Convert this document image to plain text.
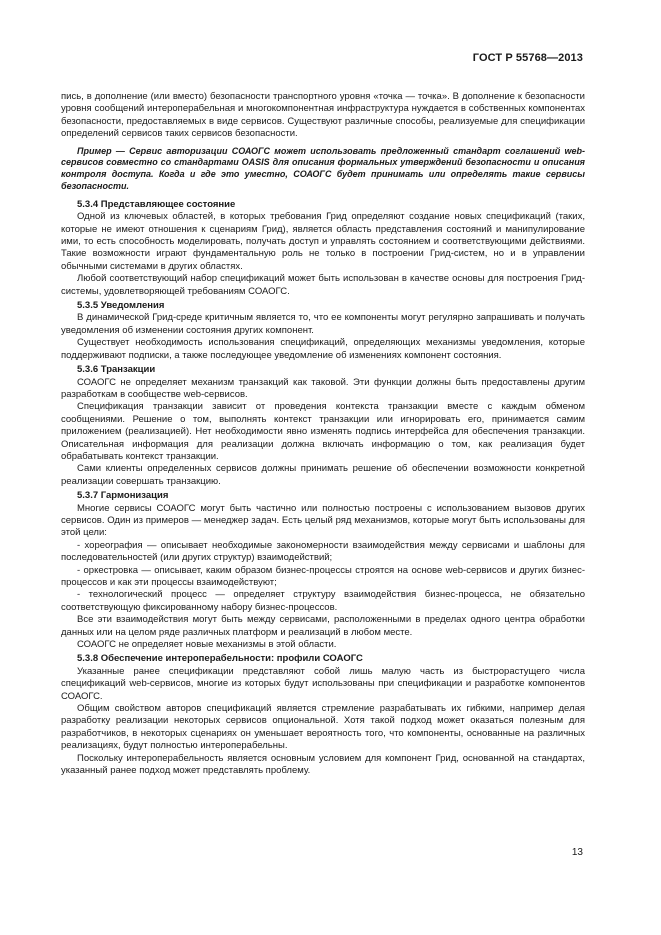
ГОСТ Р 55768—2013

пись, в дополнение (или вместо) безопасности транспортного уровня «точка — точка». В дополнение к безопасности уровня сообщений интероперабельная и многокомпонентная инфраструктура нуждается в собственных компонентах безопасности, предоставляемых в виде сервисов. Существуют различные способы, реализуемые для спецификации определений сервисов таких сервисов безопасности.

Пример — Сервис авторизации СОАОГС может использовать предложенный стандарт соглашений web-сервисов совместно со стандартами OASIS для описания формальных утверждений безопасности и описания контроля доступа. Когда и где это уместно, СОАОГС будет принимать или определять такие сервисы безопасности.

5.3.4 Представляющее состояние

Одной из ключевых областей, в которых требования Грид определяют создание новых спецификаций (таких, которые не имеют отношения к сценариям Грид), является область представления состояний и манипулирование ими, то есть способность моделировать, получать доступ и управлять состоянием и соответствующими действиями. Такие возможности играют фундаментальную роль не только в построении Грид-систем, но и в управлении обычными системами в других областях.

Любой соответствующий набор спецификаций может быть использован в качестве основы для построения Грид-системы, удовлетворяющей требованиям СОАОГС.

5.3.5 Уведомления

В динамической Грид-среде критичным является то, что ее компоненты могут регулярно запрашивать и получать уведомления об изменении состояния других компонент.

Существует необходимость использования спецификаций, определяющих механизмы уведомления, которые поддерживают подписки, а также последующее уведомление об изменениях компонент состояния.

5.3.6 Транзакции

СОАОГС не определяет механизм транзакций как таковой. Эти функции должны быть предоставлены другим разработкам в сообществе web-сервисов.

Спецификация транзакции зависит от проведения контекста транзакции вместе с каждым обменом сообщениями. Решение о том, выполнять контекст транзакции или игнорировать его, принимается самим приложением (реализацией). Нет необходимости явно изменять подпись интерфейса для обеспечения транзакции. Описательная информация для реализации должна включать информацию о том, как реализация будет обрабатывать контекст транзакции.

Сами клиенты определенных сервисов должны принимать решение об обеспечении возможности конкретной реализации совершать транзакцию.

5.3.7 Гармонизация

Многие сервисы СОАОГС могут быть частично или полностью построены с использованием вызовов других сервисов. Один из примеров — менеджер задач. Есть целый ряд механизмов, которые могут быть использованы для этой цели:

- хореография — описывает необходимые закономерности взаимодействия между сервисами и шаблоны для последовательностей (или других структур) взаимодействий;

- оркестровка — описывает, каким образом бизнес-процессы строятся на основе web-сервисов и других бизнес-процессов и как эти процессы взаимодействуют;

- технологический процесс — определяет структуру взаимодействия бизнес-процесса, не обязательно соответствующую фиксированному набору бизнес-процессов.

Все эти взаимодействия могут быть между сервисами, расположенными в пределах одного центра обработки данных или на целом ряде различных платформ и реализаций в любом месте.

СОАОГС не определяет новые механизмы в этой области.

5.3.8 Обеспечение интероперабельности: профили СОАОГС

Указанные ранее спецификации представляют собой лишь малую часть из быстрорастущего числа спецификаций web-сервисов, многие из которых будут использованы при спецификации и разработке компонентов СОАОГС.

Общим свойством авторов спецификаций является стремление разрабатывать их гибкими, например делая разработку реализации некоторых сервисов опциональной. Хотя такой подход может оказаться полезным для разработчиков, в некоторых сценариях он уменьшает вероятность того, что компоненты, основанные на различных реализациях, будут полностью интероперабельны.

Поскольку интероперабельность является основным условием для компонент Грид, основанной на стандартах, указанный ранее подход может представлять проблему.

13
